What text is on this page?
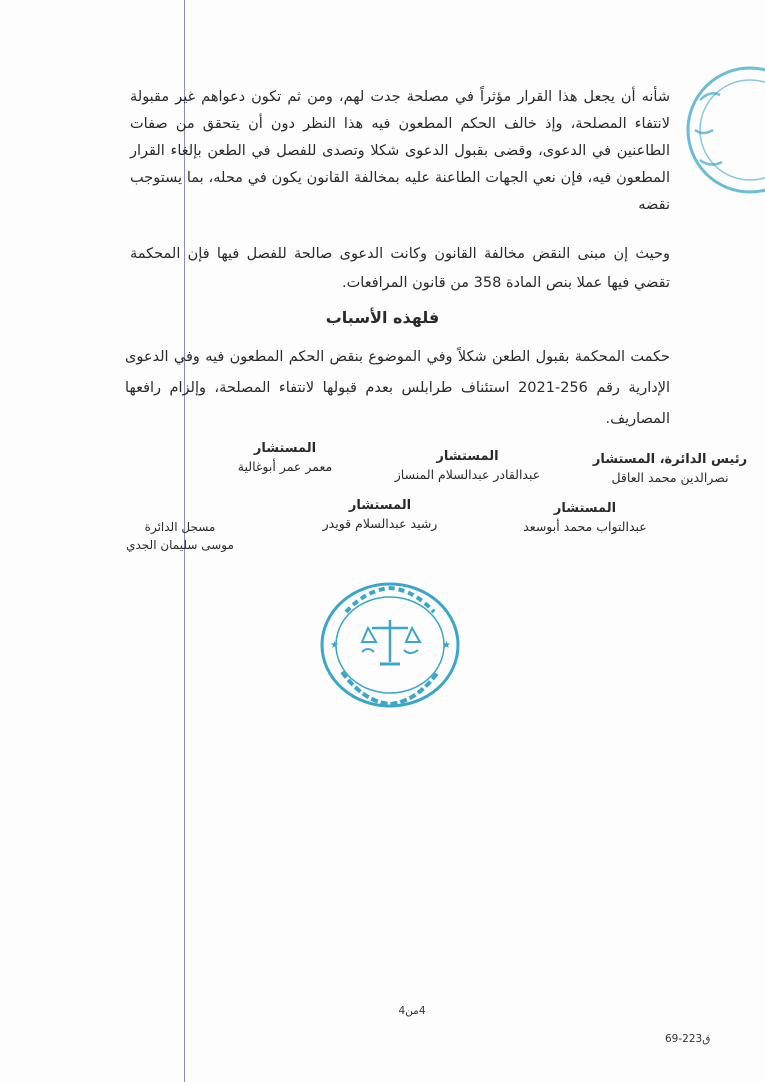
شأنه أن يجعل هذا القرار مؤثراً في مصلحة جدت لهم، ومن ثم تكون دعواهم غير مقبولة لانتفاء المصلحة، وإذ خالف الحكم المطعون فيه هذا النظر دون أن يتحقق من صفات الطاعنين في الدعوى، وقضى بقبول الدعوى شكلا وتصدى للفصل في الطعن بإلغاء القرار المطعون فيه، فإن نعي الجهات الطاعنة عليه بمخالفة القانون يكون في محله، بما يستوجب نقضه
وحيث إن مبنى النقض مخالفة القانون وكانت الدعوى صالحة للفصل فيها فإن المحكمة تقضي فيها عملا بنص المادة 358 من قانون المرافعات.
فلهذه الأسباب
حكمت المحكمة بقبول الطعن شكلاً وفي الموضوع بنقض الحكم المطعون فيه وفي الدعوى الإدارية رقم 256-2021 استئناف طرابلس بعدم قبولها لانتفاء المصلحة، وإلزام رافعها المصاريف.
رئيس الدائرة، المستشار
نصرالدين محمد العاقل
المستشار
عبدالقادر عبدالسلام المنساز
المستشار
معمر عمر أبوغالية
المستشار
رشيد عبدالسلام قويدر
المستشار
عبدالتواب محمد أبوسعد
مسجل الدائرة
موسى سليمان الجدي
★	★
4من4
69-223ق
